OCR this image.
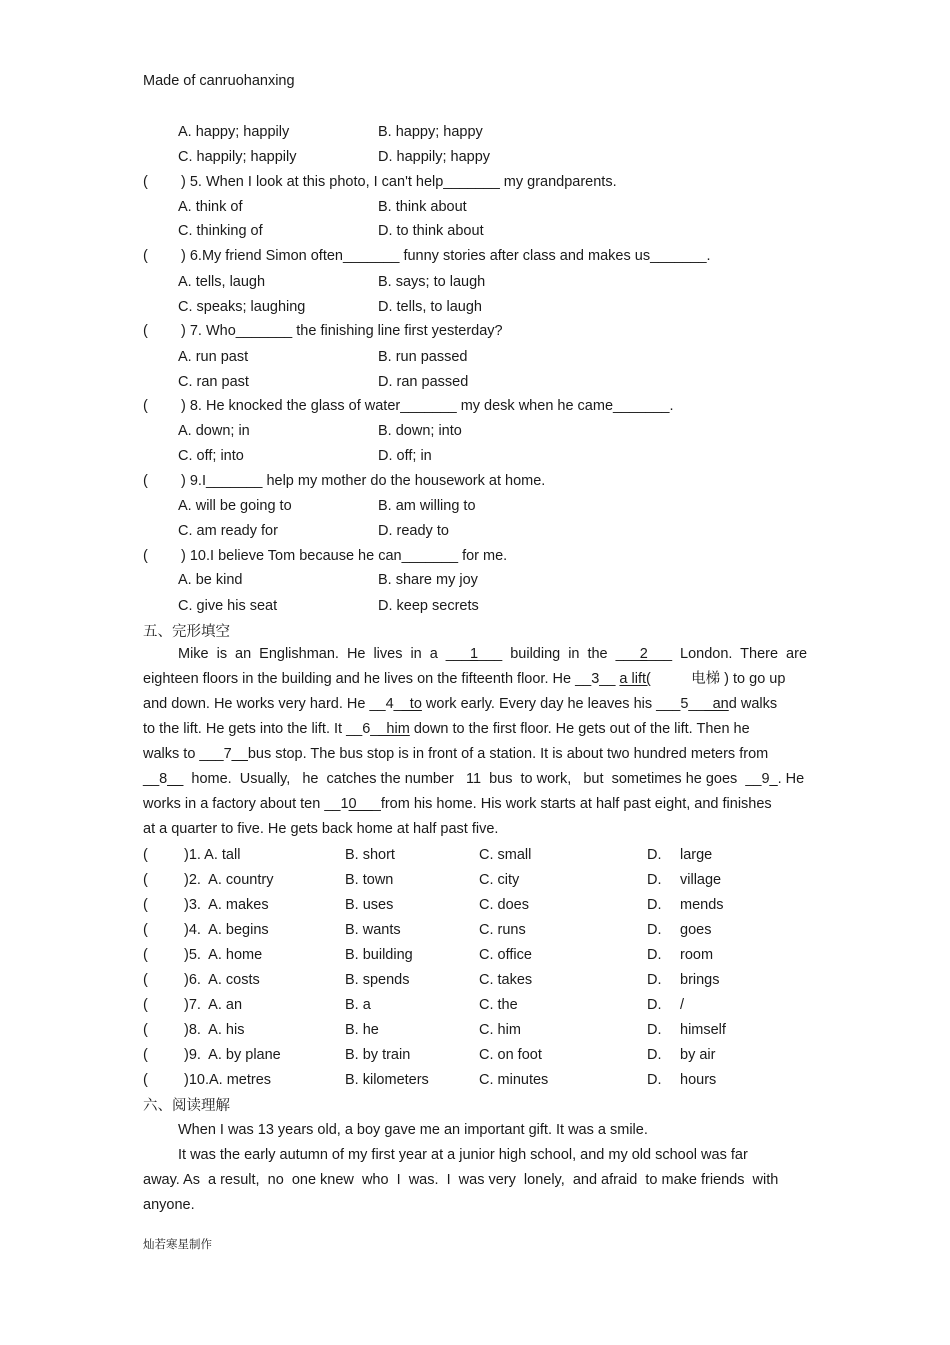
Made of canruohanxing
A. happy; happily	B. happy; happy
C. happily; happily	D. happily; happy
( ) 5. When I look at this photo, I can't help_______ my grandparents.
A. think of	B. think about
C. thinking of	D. to think about
( ) 6.My friend Simon often_______ funny stories after class and makes us_______.
A. tells, laugh	B. says; to laugh
C. speaks; laughing	D. tells, to laugh
( ) 7. Who_______ the finishing line first yesterday?
A. run past	B. run passed
C. ran past	D. ran passed
( ) 8. He knocked the glass of water_______ my desk when he came_______.
A. down; in	B. down; into
C. off; into	D. off; in
( ) 9.I_______ help my mother do the housework at home.
A. will be going to	B. am willing to
C. am ready for	D. ready to
( ) 10.I believe Tom because he can_______ for me.
A. be kind	B. share my joy
C. give his seat	D. keep secrets
五、完形填空
Mike is an Englishman. He lives in a ___1___ building in the ___2___ London. There are
eighteen floors in the building and he lives on the fifteenth floor. He __3__ a lift(          电梯 ) to go up
and down. He works very hard. He __4__to work early. Every day he leaves his ___5___and walks
to the lift. He gets into the lift. It __6__him down to the first floor. He gets out of the lift. Then he
walks to ___7__bus stop. The bus stop is in front of a station. It is about two hundred meters from
__8__  home.  Usually,   he  catches the number   11  bus  to work,   but  sometimes he goes  __9_. He
works in a factory about ten __10___from his home. His work starts at half past eight, and finishes
at a quarter to five. He gets back home at half past five.
( )1. A. tall	B. short	C. small	D. large
( )2.  A. country	B. town	C. city	D. village
( )3.  A. makes	B. uses	C. does	D. mends
( )4.  A. begins	B. wants	C. runs	D. goes
( )5.  A. home	B. building	C. office	D. room
( )6.  A. costs	B. spends	C. takes	D. brings
( )7.  A. an	B. a	C. the	D. /
( )8.  A. his	B. he	C. him	D. himself
( )9.  A. by plane	B. by train	C. on foot	D. by air
( )10.A. metres	B. kilometers	C. minutes	D. hours
六、阅读理解
When I was 13 years old, a boy gave me an important gift. It was a smile.
It was the early autumn of my first year at a junior high school, and my old school was far
away. As  a result,  no  one knew  who  I  was.  I  was very  lonely,  and afraid  to make friends  with
anyone.
灿若寒星制作
